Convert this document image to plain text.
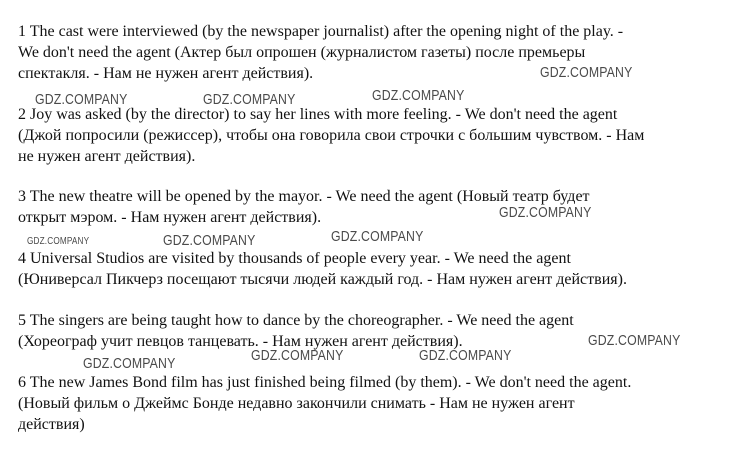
1 The cast were interviewed (by the newspaper journalist) after the opening night of the play. -
We don't need the agent (Актер был опрошен (журналистом газеты) после премьеры
спектакля. - Нам не нужен агент действия).
2 Joy was asked (by the director) to say her lines with more feeling. - We don't need the agent
(Джой попросили (режиссер), чтобы она говорила свои строчки с большим чувством. - Нам
не нужен агент действия).
3 The new theatre will be opened by the mayor. - We need the agent (Новый театр будет
открыт мэром. - Нам нужен агент действия).
4 Universal Studios are visited by thousands of people every year. - We need the agent
(Юниверсал Пикчерз посещают тысячи людей каждый год. - Нам нужен агент действия).
5 The singers are being taught how to dance by the choreographer. - We need the agent
(Хореограф учит певцов танцевать. - Нам нужен агент действия).
6 The new James Bond film has just finished being filmed (by them). - We don't need the agent.
(Новый фильм о Джеймс Бонде недавно закончили снимать - Нам не нужен агент
действия)
GDZ.COMPANY
GDZ.COMPANY	GDZ.COMPANY	GDZ.COMPANY
GDZ.COMPANY
GDZ.COMPANY	GDZ.COMPANY	GDZ.COMPANY
GDZ.COMPANY
GDZ.COMPANY	GDZ.COMPANY	GDZ.COMPANY
